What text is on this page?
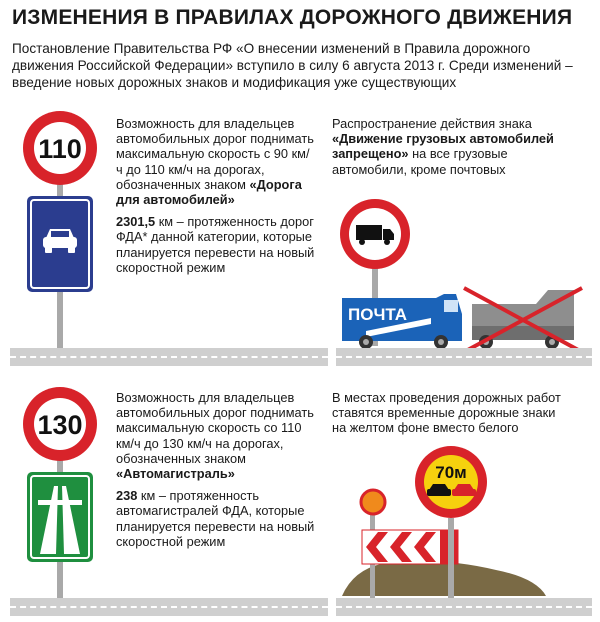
ИЗМЕНЕНИЯ В ПРАВИЛАХ ДОРОЖНОГО ДВИЖЕНИЯ
Постановление Правительства РФ «О внесении изменений в Правила дорожного движения Российской Федерации» вступило в силу 6 августа 2013 г. Среди изменений – введение новых дорожных знаков и модификация уже существующих
110

Возможность для владельцев автомобильных дорог поднимать максимальную скорость с 90 км/ч до 110 км/ч на дорогах, обозначенных знаком «Дорога для автомобилей»

2301,5 км – протяженность дорог ФДА* данной категории, которые планируется перевести на новый скоростной режим

Распространение действия знака «Движение грузовых автомобилей запрещено» на все грузовые автомобили, кроме почтовых

ПОЧТА
130

Возможность для владельцев автомобильных дорог поднимать максимальную скорость со 110 км/ч до 130 км/ч на дорогах, обозначенных знаком «Автомагистраль»

238 км – протяженность автомагистралей ФДА, которые планируется перевести на новый скоростной режим

В местах проведения дорожных работ ставятся временные дорожные знаки на желтом фоне вместо белого

70м
